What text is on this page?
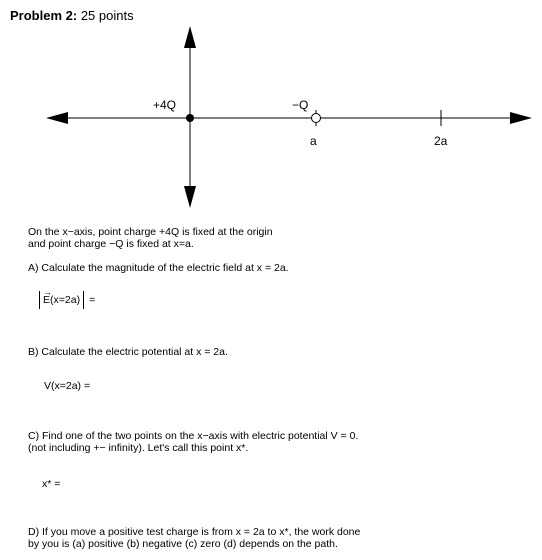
Problem 2: 25 points
+4Q	−Q
a	2a
On the x−axis, point charge +4Q is fixed at the origin
and point charge −Q is fixed at x=a.
A) Calculate the magnitude of the electric field at x = 2a.
→
E (x=2a) =
B) Calculate the electric potential at x = 2a.
V(x=2a) =
C) Find one of the two points on the x−axis with electric potential V = 0.
(not including +− infinity). Let's call this point x*.
x* =
D) If you move a positive test charge is from x = 2a to x*, the work done
by you is (a) positive (b) negative (c) zero (d) depends on the path.
